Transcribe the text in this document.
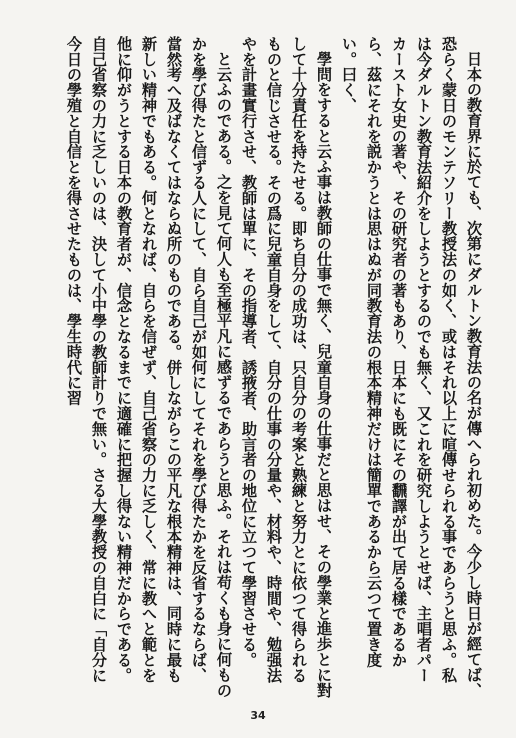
日本の教育界に於ても、次第にダルトン教育法の名が傳へられ初めた。今少し時日が經てば、恐らく蒙日のモンテソリー教授法の如く、或はそれ以上に喧傳せられる事であらうと思ふ。私は今ダルトン教育法紹介をしようとするのでも無く、又これを研究しようとせば、主唱者パーカースト女史の著や、その研究者の著もあり、日本にも既にその飜譯が出て居る樣であるから、茲にそれを説かうとは思はぬが同教育法の根本精神だけは簡單であるから云つて置き度い。曰く、

學問をすると云ふ事は教師の仕事で無く、兒童自身の仕事だと思はせ、その學業と進歩とに對して十分責任を持たせる。即ち自分の成功は、只自分の考案と熟練と努力とに依つて得られるものと信じさせる。その爲に兒童自身をして、自分の仕事の分量や、材料や、時間や、勉强法やを計畫實行させ、教師は單に、その指導者、誘掖者、助言者の地位に立つて學習させる。

と云ふのである。之を見て何人も至極平凡に感ずるであらうと思ふ。それは苟くも身に何ものかを學び得たと信ずる人にして、自ら自己が如何にしてそれを學び得たかを反省するならば、當然考へ及ばなくてはならぬ所のものである。併しながらこの平凡な根本精神は、同時に最も新しい精神でもある。何となれば、自らを信ぜず、自己省察の力に乏しく、常に教へと範とを他に仰がうとする日本の教育者が、信念となるまでに適確に把握し得ない精神だからである。自己省察の力に乏しいのは、決して小中學の教師計りで無い。さる大學教授の自白に「自分に今日の學殖と自信とを得させたものは、學生時代に習

34
